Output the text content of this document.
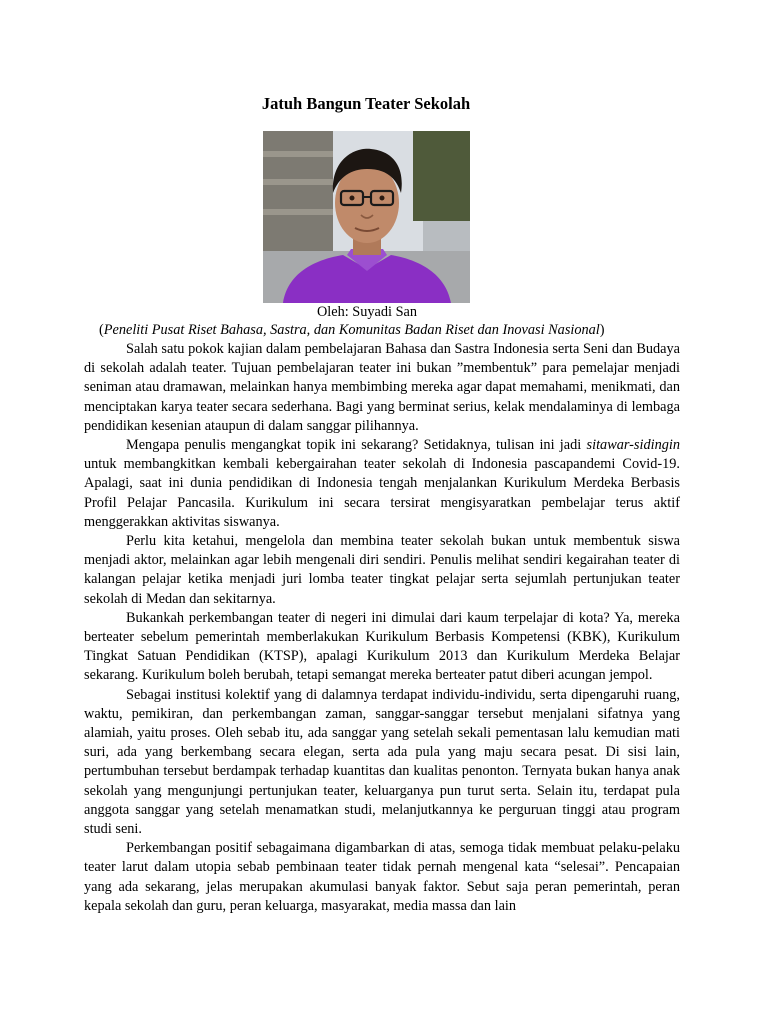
Jatuh Bangun Teater Sekolah
Oleh: Suyadi San
(Peneliti Pusat Riset Bahasa, Sastra, dan Komunitas Badan Riset dan Inovasi Nasional)

Salah satu pokok kajian dalam pembelajaran Bahasa dan Sastra Indonesia serta Seni dan Budaya di sekolah adalah teater. Tujuan pembelajaran teater ini bukan ”membentuk” para pemelajar menjadi seniman atau dramawan, melainkan hanya membimbing mereka agar dapat memahami, menikmati, dan menciptakan karya teater secara sederhana. Bagi yang berminat serius, kelak mendalaminya di lembaga pendidikan kesenian ataupun di dalam sanggar pilihannya.

Mengapa penulis mengangkat topik ini sekarang? Setidaknya, tulisan ini jadi sitawar-sidingin untuk membangkitkan kembali kebergairahan teater sekolah di Indonesia pascapandemi Covid-19. Apalagi, saat ini dunia pendidikan di Indonesia tengah menjalankan Kurikulum Merdeka Berbasis Profil Pelajar Pancasila. Kurikulum ini secara tersirat mengisyaratkan pembelajar terus aktif menggerakkan aktivitas siswanya.

Perlu kita ketahui, mengelola dan membina teater sekolah bukan untuk membentuk siswa menjadi aktor, melainkan agar lebih mengenali diri sendiri. Penulis melihat sendiri kegairahan teater di kalangan pelajar ketika menjadi juri lomba teater tingkat pelajar serta sejumlah pertunjukan teater sekolah di Medan dan sekitarnya.

Bukankah perkembangan teater di negeri ini dimulai dari kaum terpelajar di kota? Ya, mereka berteater sebelum pemerintah memberlakukan Kurikulum Berbasis Kompetensi (KBK), Kurikulum Tingkat Satuan Pendidikan (KTSP), apalagi Kurikulum 2013 dan Kurikulum Merdeka Belajar sekarang. Kurikulum boleh berubah, tetapi semangat mereka berteater patut diberi acungan jempol.

Sebagai institusi kolektif yang di dalamnya terdapat individu-individu, serta dipengaruhi ruang, waktu, pemikiran, dan perkembangan zaman, sanggar-sanggar tersebut menjalani sifatnya yang alamiah, yaitu proses. Oleh sebab itu, ada sanggar yang setelah sekali pementasan lalu kemudian mati suri, ada yang berkembang secara elegan, serta ada pula yang maju secara pesat. Di sisi lain, pertumbuhan tersebut berdampak terhadap kuantitas dan kualitas penonton. Ternyata bukan hanya anak sekolah yang mengunjungi pertunjukan teater, keluarganya pun turut serta. Selain itu, terdapat pula anggota sanggar yang setelah menamatkan studi, melanjutkannya ke perguruan tinggi atau program studi seni.

Perkembangan positif sebagaimana digambarkan di atas, semoga tidak membuat pelaku-pelaku teater larut dalam utopia sebab pembinaan teater tidak pernah mengenal kata “selesai”. Pencapaian yang ada sekarang, jelas merupakan akumulasi banyak faktor. Sebut saja peran pemerintah, peran kepala sekolah dan guru, peran keluarga, masyarakat, media massa dan lain
